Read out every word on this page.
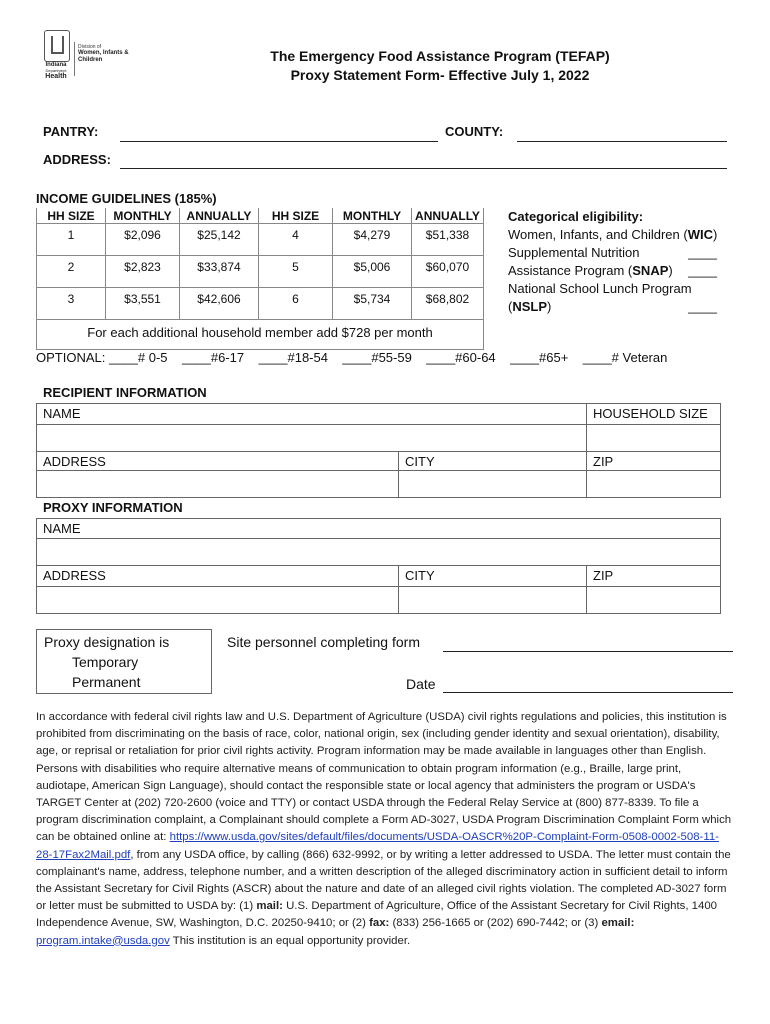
Indiana
Department
Health
Division of
Women, Infants &
Children	The Emergency Food Assistance Program (TEFAP)
Proxy Statement Form- Effective July 1, 2022
PANTRY:	COUNTY:
ADDRESS:
INCOME GUIDELINES (185%)
HH SIZE	MONTHLY	ANNUALLY	HH SIZE	MONTHLY	ANNUALLY
1	$2,096	$25,142	4	$4,279	$51,338
2	$2,823	$33,874	5	$5,006	$60,070
3	$3,551	$42,606	6	$5,734	$68,802
For each additional household member add $728 per month					
Categorical eligibility:
Women, Infants, and Children (WIC)
____
Supplemental Nutrition Assistance Program (SNAP) ____
National School Lunch Program (NSLP)	____
OPTIONAL: ____# 0-5    ____#6-17    ____#18-54    ____#55-59    ____#60-64    ____#65+    ____# Veteran
RECIPIENT INFORMATION
NAME	HOUSEHOLD SIZE
ADDRESS	CITY	ZIP
PROXY INFORMATION
NAME
ADDRESS	CITY	ZIP
Proxy designation is
Temporary
Permanent
Site personnel completing form
Date
In accordance with federal civil rights law and U.S. Department of Agriculture (USDA) civil rights regulations and policies, this institution is prohibited from discriminating on the basis of race, color, national origin, sex (including gender identity and sexual orientation), disability, age, or reprisal or retaliation for prior civil rights activity. Program information may be made available in languages other than English. Persons with disabilities who require alternative means of communication to obtain program information (e.g., Braille, large print, audiotape, American Sign Language), should contact the responsible state or local agency that administers the program or USDA's TARGET Center at (202) 720-2600 (voice and TTY) or contact USDA through the Federal Relay Service at (800) 877-8339. To file a program discrimination complaint, a Complainant should complete a Form AD-3027, USDA Program Discrimination Complaint Form which can be obtained online at: https://www.usda.gov/sites/default/files/documents/USDA-OASCR%20P-Complaint-Form-0508-0002-508-11-28-17Fax2Mail.pdf, from any USDA office, by calling (866) 632-9992, or by writing a letter addressed to USDA. The letter must contain the complainant's name, address, telephone number, and a written description of the alleged discriminatory action in sufficient detail to inform the Assistant Secretary for Civil Rights (ASCR) about the nature and date of an alleged civil rights violation. The completed AD-3027 form or letter must be submitted to USDA by: (1) mail: U.S. Department of Agriculture, Office of the Assistant Secretary for Civil Rights, 1400 Independence Avenue, SW, Washington, D.C. 20250-9410; or (2) fax: (833) 256-1665 or (202) 690-7442; or (3) email: program.intake@usda.gov This institution is an equal opportunity provider.
